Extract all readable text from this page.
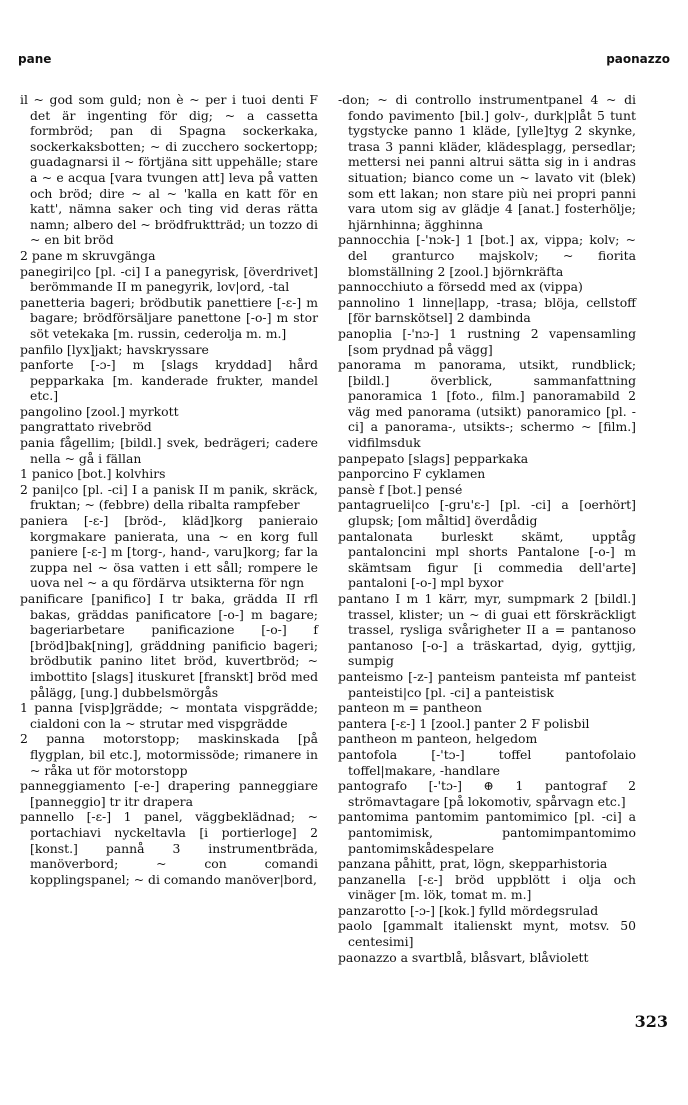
pane	paonazzo

il ~ god som guld; non è ~ per i tuoi denti F det är ingenting för dig; ~ a cassetta formbröd; pan di Spagna sockerkaka, sockerkaksbotten; ~ di zucchero sockertopp; guadagnarsi il ~ förtjäna sitt uppehälle; stare a ~ e acqua [vara tvungen att] leva på vatten och bröd; dire ~ al ~ 'kalla en katt för en katt', nämna saker och ting vid deras rätta namn; albero del ~ brödfruktträd; un tozzo di ~ en bit bröd

2 pane m skruvgänga

panegiri|co [pl. -ci] I a panegyrisk, [överdrivet] berömmande II m panegyrik, lov|ord, -tal

panetteria bageri; brödbutik panettiere [-ɛ-] m bagare; brödförsäljare panettone [-o-] m stor söt vetekaka [m. russin, cederolja m. m.]

panfilo [lyx]jakt; havskryssare

panforte [-ɔ-] m [slags kryddad] hård pepparkaka [m. kanderade frukter, mandel etc.]

pangolino [zool.] myrkott

pangrattato rivebröd

pania fågellim; [bildl.] svek, bedrägeri; cadere nella ~ gå i fällan

1 panico [bot.] kolvhirs

2 pani|co [pl. -ci] I a panisk II m panik, skräck, fruktan; ~ (febbre) della ribalta rampfeber

paniera [-ɛ-] [bröd-, kläd]korg panieraio korgmakare panierata, una ~ en korg full paniere [-ɛ-] m [torg-, hand-, varu]korg; far la zuppa nel ~ ösa vatten i ett såll; rompere le uova nel ~ a qu fördärva utsikterna för ngn

panificare [panifico] I tr baka, grädda II rfl bakas, gräddas panificatore [-o-] m bagare; bageriarbetare panificazione [-o-] f [bröd]bak[ning], gräddning panificio bageri; brödbutik panino litet bröd, kuvertbröd; ~ imbottito [slags] ituskuret [franskt] bröd med pålägg, [ung.] dubbelsmörgås

1 panna [visp]grädde; ~ montata vispgrädde; cialdoni con la ~ strutar med vispgrädde

2 panna motorstopp; maskinskada [på flygplan, bil etc.], motormissöde; rimanere in ~ råka ut för motorstopp

panneggiamento [-e-] drapering panneggiare [panneggio] tr itr drapera

pannello [-ɛ-] 1 panel, väggbeklädnad; ~ portachiavi nyckeltavla [i portierloge] 2 [konst.] pannå 3 instrumentbräda, manöverbord; ~ con comandi kopplingspanel; ~ di comando manöver|bord,

-don; ~ di controllo instrumentpanel 4 ~ di fondo pavimento [bil.] golv-, durk|plåt 5 tunt tygstycke panno 1 kläde, [ylle]tyg 2 skynke, trasa 3 panni kläder, klädesplagg, persedlar; mettersi nei panni altrui sätta sig in i andras situation; bianco come un ~ lavato vit (blek) som ett lakan; non stare più nei propri panni vara utom sig av glädje 4 [anat.] fosterhölje; hjärnhinna; ägghinna

pannocchia [-'nɔk-] 1 [bot.] ax, vippa; kolv; ~ del granturco majskolv; ~ fiorita blomställning 2 [zool.] björnkräfta

pannocchiuto a försedd med ax (vippa)

pannolino 1 linne|lapp, -trasa; blöja, cellstoff [för barnskötsel] 2 dambinda

panoplia [-'nɔ-] 1 rustning 2 vapensamling [som prydnad på vägg]

panorama m panorama, utsikt, rundblick; [bildl.] överblick, sammanfattning panoramica 1 [foto., film.] panoramabild 2 väg med panorama (utsikt) panoramico [pl. -ci] a panorama-, utsikts-; schermo ~ [film.] vidfilmsduk

panpepato [slags] pepparkaka

panporcino F cyklamen

pansè f [bot.] pensé

pantagrueli|co [-gru'ɛ-] [pl. -ci] a [oerhört] glupsk; [om måltid] överdådig

pantalonata burleskt skämt, upptåg pantaloncini mpl shorts Pantalone [-o-] m skämtsam figur [i commedia dell'arte] pantaloni [-o-] mpl byxor

pantano I m 1 kärr, myr, sumpmark 2 [bildl.] trassel, klister; un ~ di guai ett förskräckligt trassel, rysliga svårigheter II a = pantanoso pantanoso [-o-] a träskartad, dyig, gyttjig, sumpig

panteismo [-z-] panteism panteista mf panteist panteisti|co [pl. -ci] a panteistisk

panteon m = pantheon

pantera [-ɛ-] 1 [zool.] panter 2 F polisbil

pantheon m panteon, helgedom

pantofola [-'tɔ-] toffel pantofolaio toffel|makare, -handlare

pantografo [-'tɔ-] ⊕ 1 pantograf 2 strömavtagare [på lokomotiv, spårvagn etc.]

pantomima pantomim pantomimico [pl. -ci] a pantomimisk, pantomimpantomimo pantomimskådespelare

panzana påhitt, prat, lögn, skepparhistoria

panzanella [-ɛ-] bröd uppblött i olja och vinäger [m. lök, tomat m. m.]

panzarotto [-ɔ-] [kok.] fylld mördegsrulad

paolo [gammalt italienskt mynt, motsv. 50 centesimi]

paonazzo a svartblå, blåsvart, blåviolett

323
